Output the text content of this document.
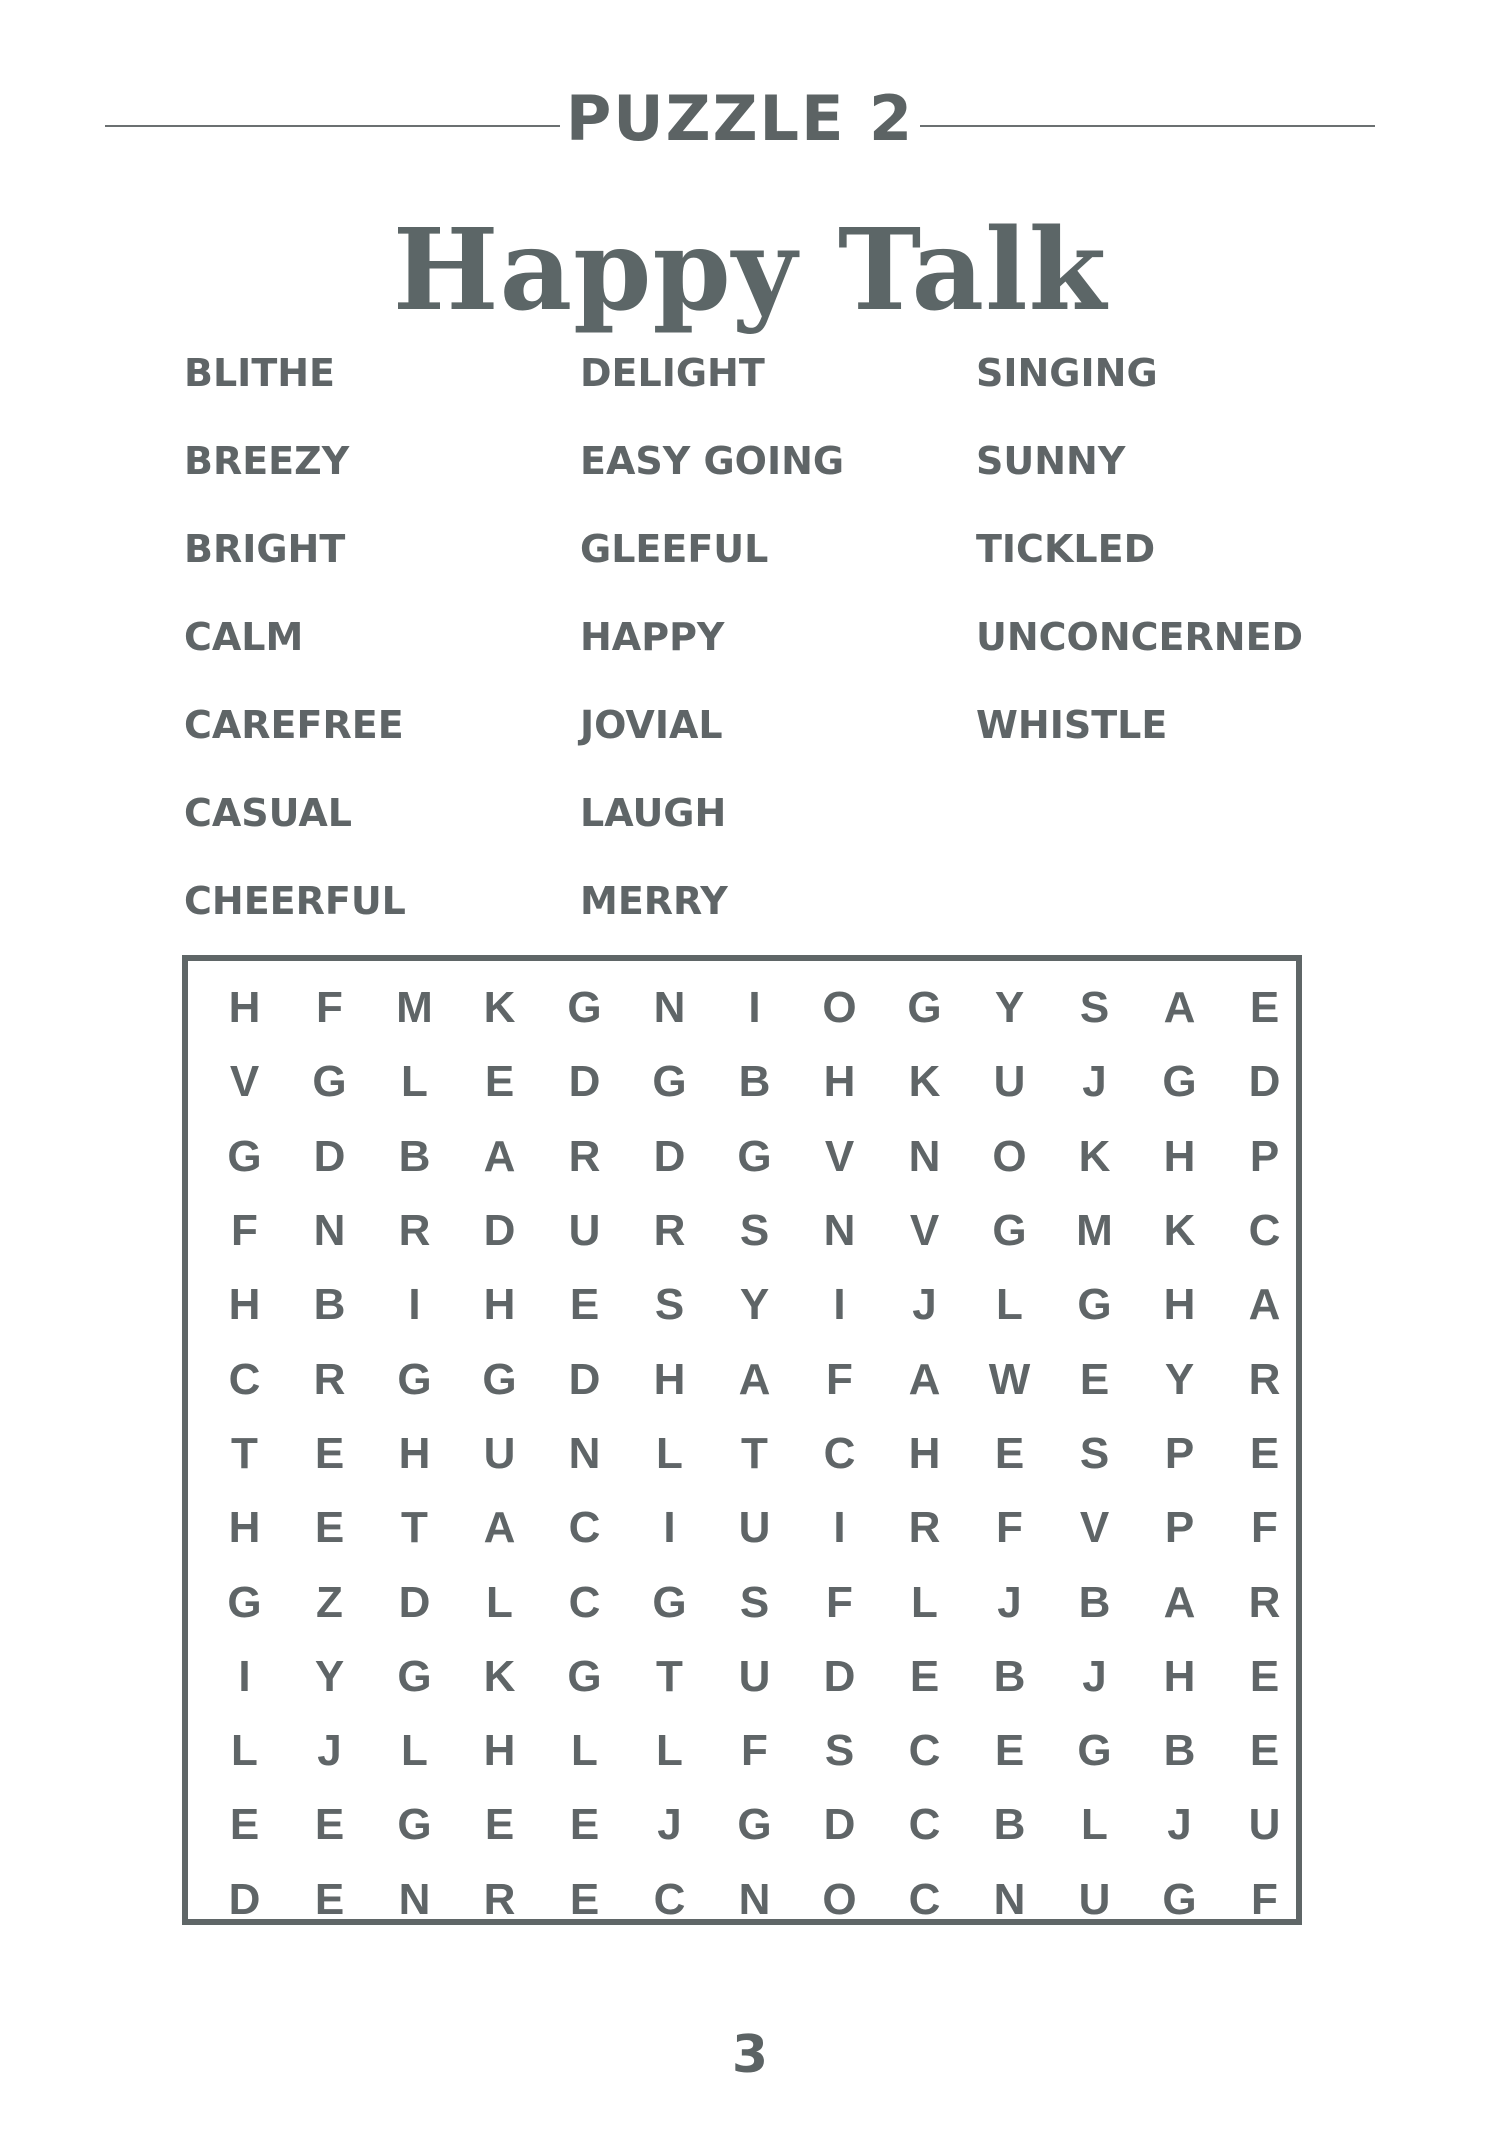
PUZZLE 2
Happy Talk
BLITHE
BREEZY
BRIGHT
CALM
CAREFREE
CASUAL
CHEERFUL
DELIGHT
EASY GOING
GLEEFUL
HAPPY
JOVIAL
LAUGH
MERRY
SINGING
SUNNY
TICKLED
UNCONCERNED
WHISTLE
H	F	M	K	G	N	I	O	G	Y	S	A	E
V	G	L	E	D	G	B	H	K	U	J	G	D
G	D	B	A	R	D	G	V	N	O	K	H	P
F	N	R	D	U	R	S	N	V	G	M	K	C
H	B	I	H	E	S	Y	I	J	L	G	H	A
C	R	G	G	D	H	A	F	A	W	E	Y	R
T	E	H	U	N	L	T	C	H	E	S	P	E
H	E	T	A	C	I	U	I	R	F	V	P	F
G	Z	D	L	C	G	S	F	L	J	B	A	R
I	Y	G	K	G	T	U	D	E	B	J	H	E
L	J	L	H	L	L	F	S	C	E	G	B	E
E	E	G	E	E	J	G	D	C	B	L	J	U
D	E	N	R	E	C	N	O	C	N	U	G	F
3
